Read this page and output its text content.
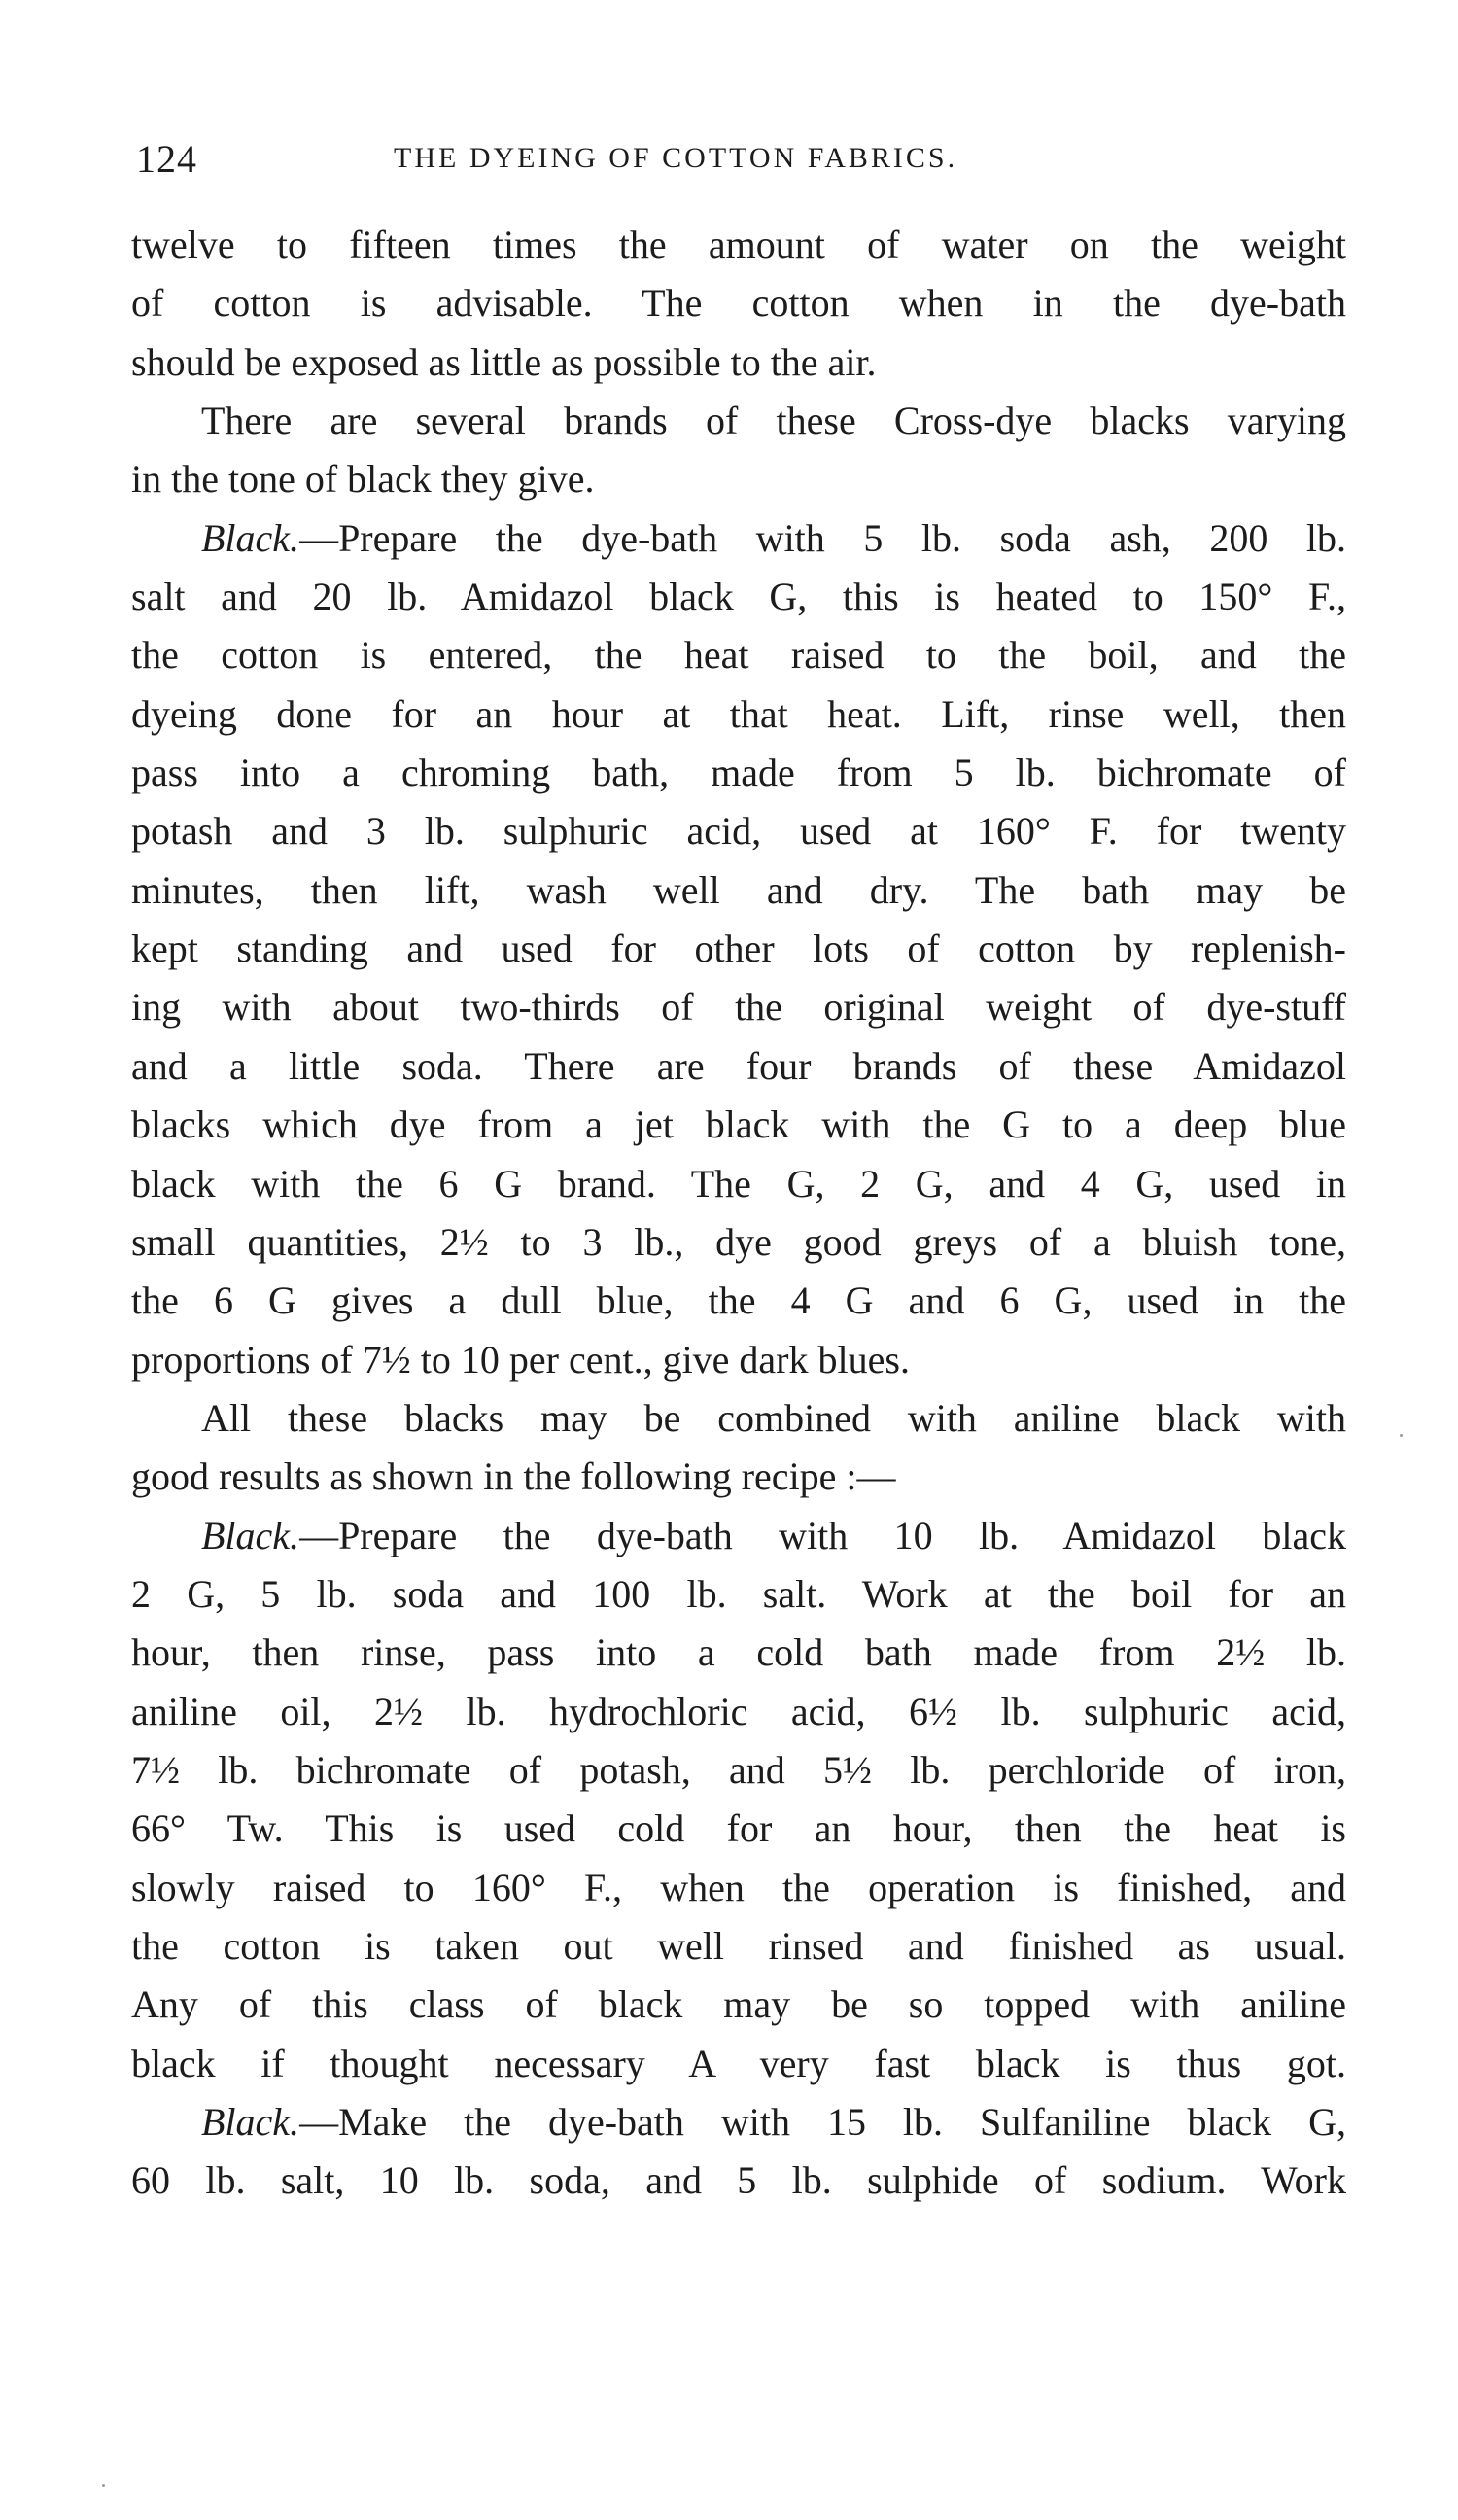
124	THE DYEING OF COTTON FABRICS.
twelve to fifteen times the amount of water on the weight
of cotton is advisable. The cotton when in the dye-bath
should be exposed as little as possible to the air.
There are several brands of these Cross-dye blacks varying
in the tone of black they give.
Black.—Prepare the dye-bath with 5 lb. soda ash, 200 lb.
salt and 20 lb. Amidazol black G, this is heated to 150° F.,
the cotton is entered, the heat raised to the boil, and the
dyeing done for an hour at that heat. Lift, rinse well, then
pass into a chroming bath, made from 5 lb. bichromate of
potash and 3 lb. sulphuric acid, used at 160° F. for twenty
minutes, then lift, wash well and dry. The bath may be
kept standing and used for other lots of cotton by replenish-
ing with about two-thirds of the original weight of dye-stuff
and a little soda. There are four brands of these Amidazol
blacks which dye from a jet black with the G to a deep blue
black with the 6 G brand. The G, 2 G, and 4 G, used in
small quantities, 2½ to 3 lb., dye good greys of a bluish tone,
the 6 G gives a dull blue, the 4 G and 6 G, used in the
proportions of 7½ to 10 per cent., give dark blues.
All these blacks may be combined with aniline black with
good results as shown in the following recipe :—
Black.—Prepare the dye-bath with 10 lb. Amidazol black
2 G, 5 lb. soda and 100 lb. salt. Work at the boil for an
hour, then rinse, pass into a cold bath made from 2½ lb.
aniline oil, 2½ lb. hydrochloric acid, 6½ lb. sulphuric acid,
7½ lb. bichromate of potash, and 5½ lb. perchloride of iron,
66° Tw. This is used cold for an hour, then the heat is
slowly raised to 160° F., when the operation is finished, and
the cotton is taken out well rinsed and finished as usual.
Any of this class of black may be so topped with aniline
black if thought necessary A very fast black is thus got.
Black.—Make the dye-bath with 15 lb. Sulfaniline black G,
60 lb. salt, 10 lb. soda, and 5 lb. sulphide of sodium. Work
